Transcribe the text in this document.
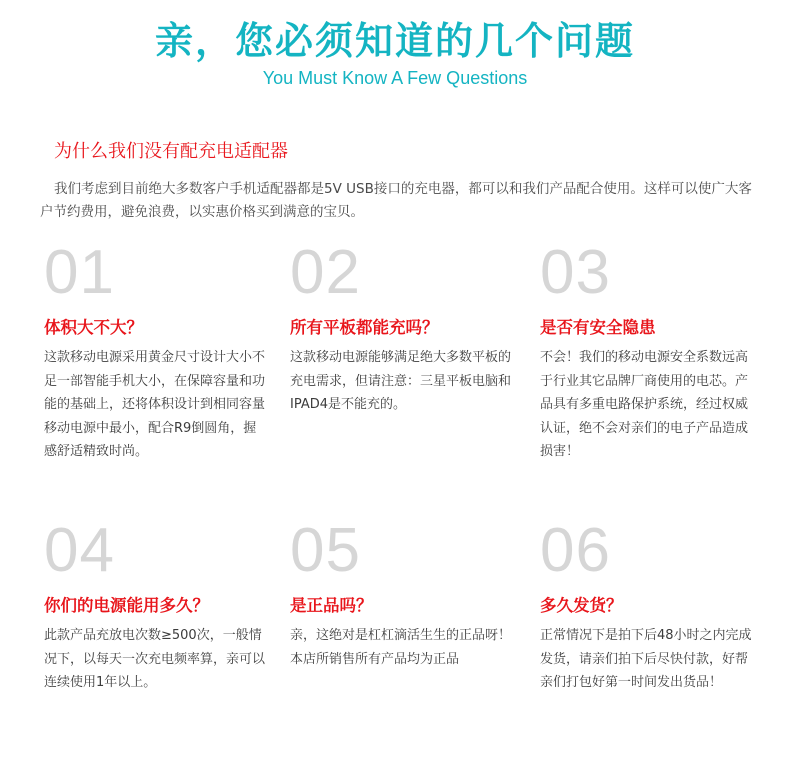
亲，您必须知道的几个问题
You Must Know A Few Questions
为什么我们没有配充电适配器
我们考虑到目前绝大多数客户手机适配器都是5V USB接口的充电器，都可以和我们产品配合使用。这样可以使广大客户节约费用，避免浪费，以实惠价格买到满意的宝贝。
01
体积大不大？
这款移动电源采用黄金尺寸设计大小不足一部智能手机大小，在保障容量和功能的基础上，还将体积设计到相同容量移动电源中最小，配合R9倒圆角，握感舒适精致时尚。
02
所有平板都能充吗？
这款移动电源能够满足绝大多数平板的充电需求，但请注意：三星平板电脑和IPAD4是不能充的。
03
是否有安全隐患
不会！我们的移动电源安全系数远高于行业其它品牌厂商使用的电芯。产品具有多重电路保护系统，经过权威认证，绝不会对亲们的电子产品造成损害！
04
你们的电源能用多久？
此款产品充放电次数≥500次，一般情况下，以每天一次充电频率算，亲可以连续使用1年以上。
05
是正品吗？
亲，这绝对是杠杠滴活生生的正品呀！本店所销售所有产品均为正品
06
多久发货？
正常情况下是拍下后48小时之内完成发货，请亲们拍下后尽快付款，好帮亲们打包好第一时间发出货品！
